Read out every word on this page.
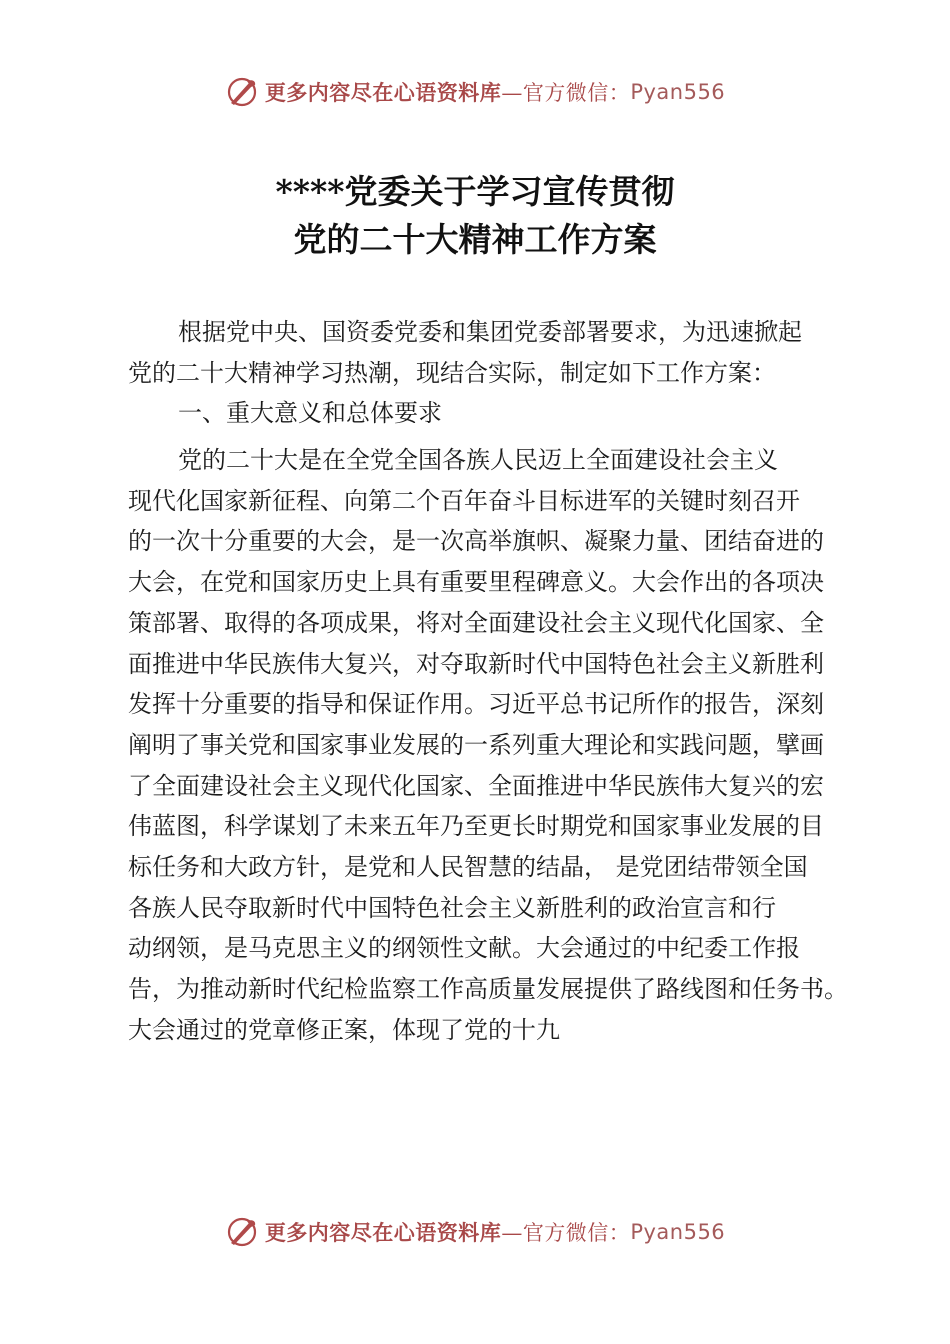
更多内容尽在心语资料库 —官方微信： Pyan556
****党委关于学习宣传贯彻
党的二十大精神工作方案
根据党中央、国资委党委和集团党委部署要求，为迅速掀起
党的二十大精神学习热潮，现结合实际，制定如下工作方案：
一、重大意义和总体要求
党的二十大是在全党全国各族人民迈上全面建设社会主义
现代化国家新征程、向第二个百年奋斗目标进军的关键时刻召开
的一次十分重要的大会，是一次高举旗帜、凝聚力量、团结奋进的
大会，在党和国家历史上具有重要里程碑意义。大会作出的各项决
策部署、取得的各项成果，将对全面建设社会主义现代化国家、全
面推进中华民族伟大复兴，对夺取新时代中国特色社会主义新胜利
发挥十分重要的指导和保证作用。习近平总书记所作的报告，深刻
阐明了事关党和国家事业发展的一系列重大理论和实践问题，擘画
了全面建设社会主义现代化国家、全面推进中华民族伟大复兴的宏
伟蓝图，科学谋划了未来五年乃至更长时期党和国家事业发展的目
标任务和大政方针，是党和人民智慧的结晶， 是党团结带领全国
各族人民夺取新时代中国特色社会主义新胜利的政治宣言和行
动纲领，是马克思主义的纲领性文献。大会通过的中纪委工作报
告，为推动新时代纪检监察工作高质量发展提供了路线图和任务书。
大会通过的党章修正案，体现了党的十九
更多内容尽在心语资料库 —官方微信： Pyan556
